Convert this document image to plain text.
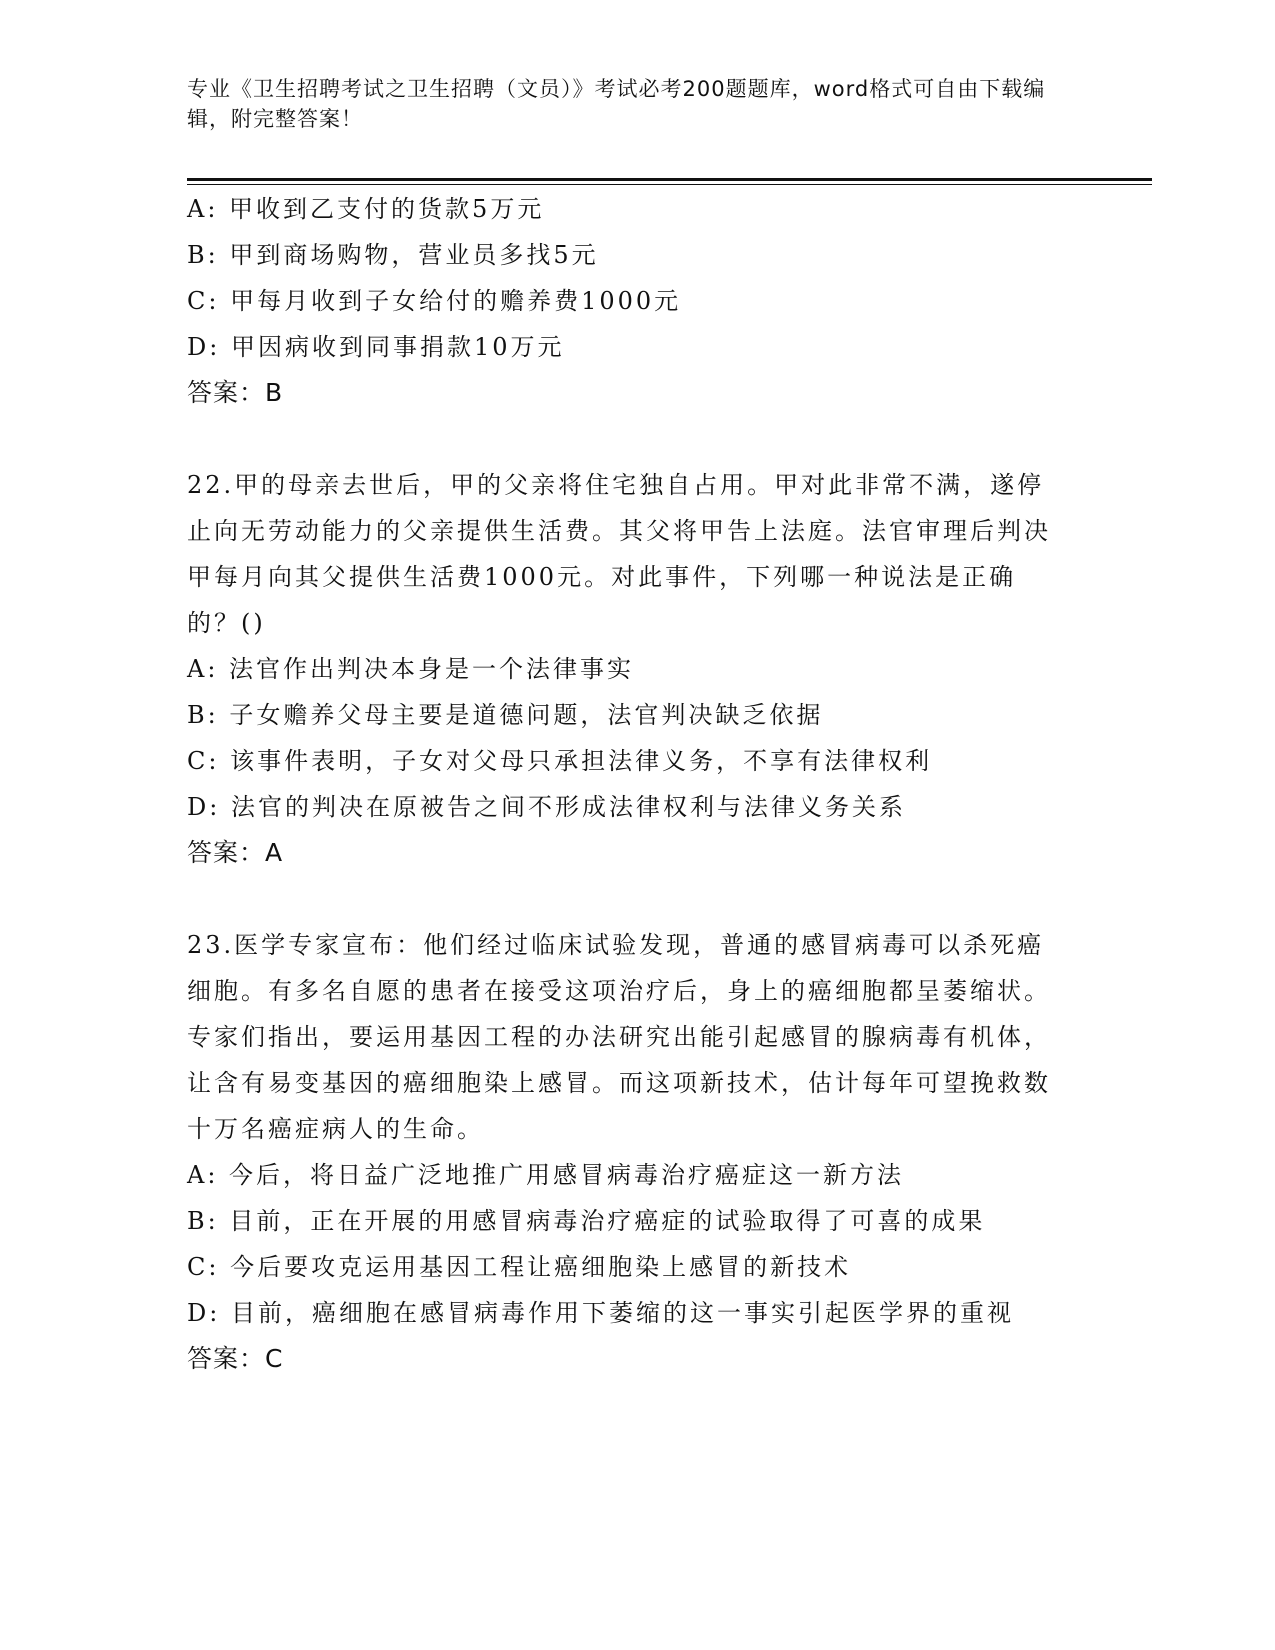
专业《卫生招聘考试之卫生招聘（文员）》考试必考200题题库，word格式可自由下载编辑，附完整答案！
A: 甲收到乙支付的货款5万元
B: 甲到商场购物，营业员多找5元
C: 甲每月收到子女给付的赡养费1000元
D: 甲因病收到同事捐款10万元
答案：B
22.甲的母亲去世后，甲的父亲将住宅独自占用。甲对此非常不满，遂停止向无劳动能力的父亲提供生活费。其父将甲告上法庭。法官审理后判决甲每月向其父提供生活费1000元。对此事件，下列哪一种说法是正确的？()
A: 法官作出判决本身是一个法律事实
B: 子女赡养父母主要是道德问题，法官判决缺乏依据
C: 该事件表明，子女对父母只承担法律义务，不享有法律权利
D: 法官的判决在原被告之间不形成法律权利与法律义务关系
答案：A
23.医学专家宣布：他们经过临床试验发现，普通的感冒病毒可以杀死癌细胞。有多名自愿的患者在接受这项治疗后，身上的癌细胞都呈萎缩状。专家们指出，要运用基因工程的办法研究出能引起感冒的腺病毒有机体，让含有易变基因的癌细胞染上感冒。而这项新技术，估计每年可望挽救数十万名癌症病人的生命。
A: 今后，将日益广泛地推广用感冒病毒治疗癌症这一新方法
B: 目前，正在开展的用感冒病毒治疗癌症的试验取得了可喜的成果
C: 今后要攻克运用基因工程让癌细胞染上感冒的新技术
D: 目前，癌细胞在感冒病毒作用下萎缩的这一事实引起医学界的重视
答案：C
